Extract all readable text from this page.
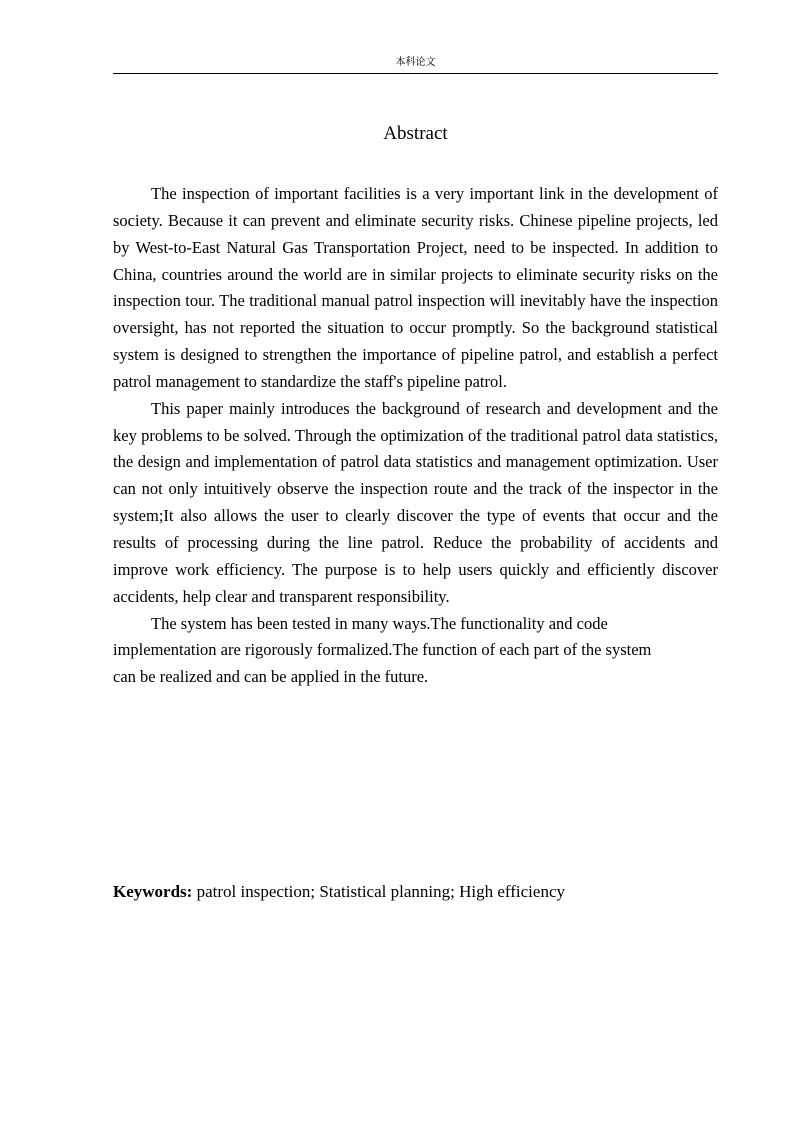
本科论文
Abstract

The inspection of important facilities is a very important link in the development of society. Because it can prevent and eliminate security risks. Chinese pipeline projects, led by West-to-East Natural Gas Transportation Project, need to be inspected. In addition to China, countries around the world are in similar projects to eliminate security risks on the inspection tour. The traditional manual patrol inspection will inevitably have the inspection oversight, has not reported the situation to occur promptly. So the background statistical system is designed to strengthen the importance of pipeline patrol, and establish a perfect patrol management to standardize the staff's pipeline patrol.

This paper mainly introduces the background of research and development and the key problems to be solved. Through the optimization of the traditional patrol data statistics, the design and implementation of patrol data statistics and management optimization. User can not only intuitively observe the inspection route and the track of the inspector in the system;It also allows the user to clearly discover the type of events that occur and the results of processing during the line patrol. Reduce the probability of accidents and improve work efficiency. The purpose is to help users quickly and efficiently discover accidents, help clear and transparent responsibility.

The system has been tested in many ways.The functionality and code implementation are rigorously formalized.The function of each part of the system can be realized and can be applied in the future.

Keywords: patrol inspection; Statistical planning; High efficiency
